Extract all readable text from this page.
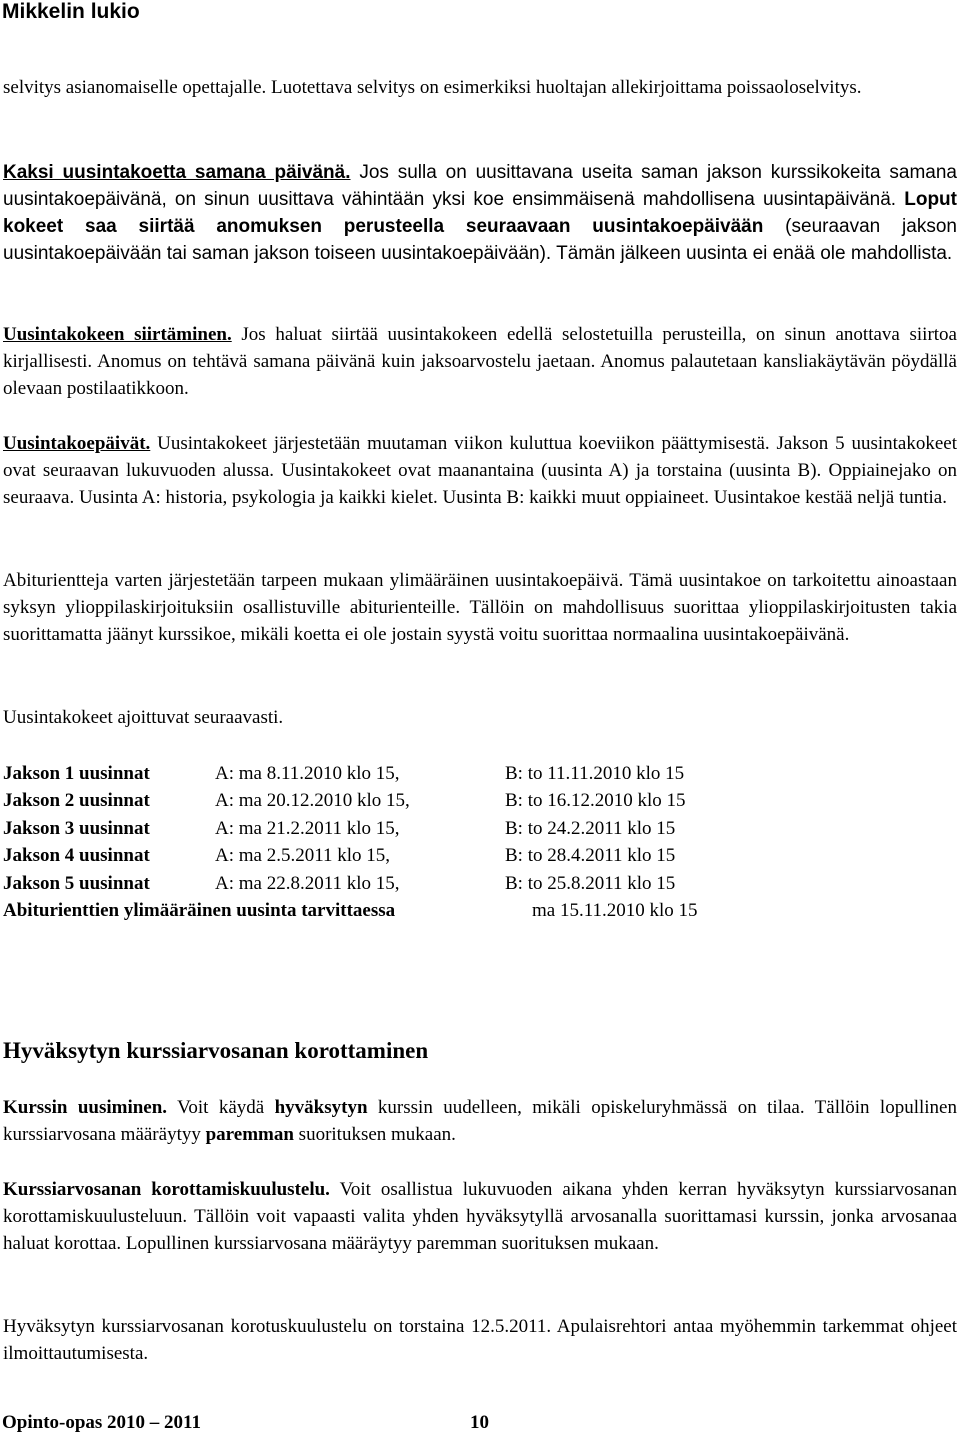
Mikkelin lukio

selvitys asianomaiselle opettajalle. Luotettava selvitys on esimerkiksi huoltajan allekirjoittama poissaoloselvitys.

Kaksi uusintakoetta samana päivänä. Jos sulla on uusittavana useita saman jakson kurssikokeita samana uusintakoepäivänä, on sinun uusittava vähintään yksi koe ensimmäisenä mahdollisena uusintapäivänä. Loput kokeet saa siirtää anomuksen perusteella seuraavaan uusintakoepäivään (seuraavan jakson uusintakoepäivään tai saman jakson toiseen uusintakoepäivään). Tämän jälkeen uusinta ei enää ole mahdollista.

Uusintakokeen siirtäminen. Jos haluat siirtää uusintakokeen edellä selostetuilla perusteilla, on sinun anottava siirtoa kirjallisesti. Anomus on tehtävä samana päivänä kuin jaksoarvostelu jaetaan. Anomus palautetaan kansliakäytävän pöydällä olevaan postilaatikkoon.

Uusintakoepäivät. Uusintakokeet järjestetään muutaman viikon kuluttua koeviikon päättymisestä. Jakson 5 uusintakokeet ovat seuraavan lukuvuoden alussa. Uusintakokeet ovat maanantaina (uusinta A) ja torstaina (uusinta B). Oppiainejako on seuraava. Uusinta A: historia, psykologia ja kaikki kielet. Uusinta B: kaikki muut oppiaineet. Uusintakoe kestää neljä tuntia.

Abiturientteja varten järjestetään tarpeen mukaan ylimääräinen uusintakoepäivä. Tämä uusintakoe on tarkoitettu ainoastaan syksyn ylioppilaskirjoituksiin osallistuville abiturienteille. Tällöin on mahdollisuus suorittaa ylioppilaskirjoitusten takia suorittamatta jäänyt kurssikoe, mikäli koetta ei ole jostain syystä voitu suorittaa normaalina uusintakoepäivänä.

Uusintakokeet ajoittuvat seuraavasti.

Jakson 1 uusinnat	A: ma 8.11.2010 klo 15,	B: to 11.11.2010 klo 15
Jakson 2 uusinnat	A: ma 20.12.2010 klo 15,	B: to 16.12.2010 klo 15
Jakson 3 uusinnat	A: ma 21.2.2011 klo 15,	B: to 24.2.2011 klo 15
Jakson 4 uusinnat	A: ma 2.5.2011 klo 15,	B: to 28.4.2011 klo 15
Jakson 5 uusinnat	A: ma 22.8.2011 klo 15,	B: to 25.8.2011 klo 15
Abiturienttien ylimääräinen uusinta tarvittaessa	ma 15.11.2010 klo 15
Hyväksytyn kurssiarvosanan korottaminen

Kurssin uusiminen. Voit käydä hyväksytyn kurssin uudelleen, mikäli opiskeluryhmässä on tilaa. Tällöin lopullinen kurssiarvosana määräytyy paremman suorituksen mukaan.

Kurssiarvosanan korottamiskuulustelu. Voit osallistua lukuvuoden aikana yhden kerran hyväksytyn kurssiarvosanan korottamiskuulusteluun. Tällöin voit vapaasti valita yhden hyväksytyllä arvosanalla suorittamasi kurssin, jonka arvosanaa haluat korottaa. Lopullinen kurssiarvosana määräytyy paremman suorituksen mukaan.

Hyväksytyn kurssiarvosanan korotuskuulustelu on torstaina 12.5.2011. Apulaisrehtori antaa myöhemmin tarkemmat ohjeet ilmoittautumisesta.

Opinto-opas 2010 – 2011	10
